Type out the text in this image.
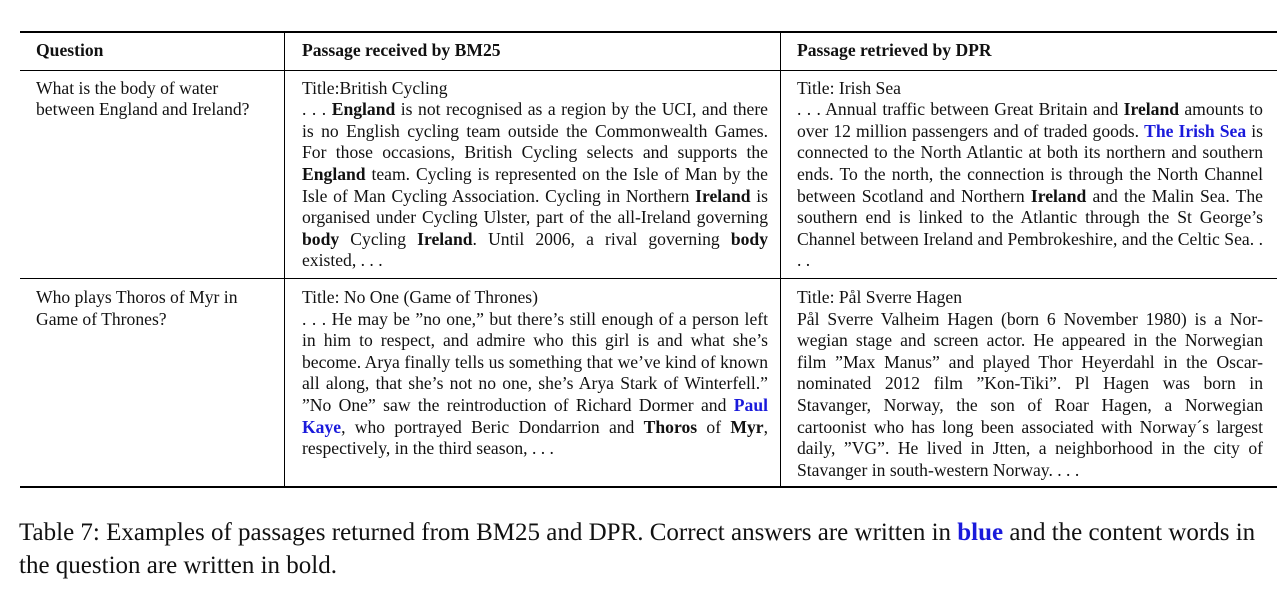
Question	Passage received by BM25	Passage retrieved by DPR
What is the body of water between England and Ireland?
Title:British Cycling
. . . England is not recognised as a region by the UCI, and there is no English cycling team outside the Commonwealth Games. For those occasions, British Cycling selects and supports the England team. Cycling is represented on the Isle of Man by the Isle of Man Cycling Association. Cycling in Northern Ireland is organised under Cycling Ulster, part of the all-Ireland governing body Cycling Ireland. Until 2006, a rival governing body existed, . . .
Title: Irish Sea
. . . Annual traffic between Great Britain and Ireland amounts to over 12 million passengers and of traded goods. The Irish Sea is connected to the North Atlantic at both its northern and southern ends. To the north, the connection is through the North Channel between Scotland and Northern Ireland and the Malin Sea. The southern end is linked to the Atlantic through the St George’s Channel between Ireland and Pembrokeshire, and the Celtic Sea. . . .
Who plays Thoros of Myr in Game of Thrones?
Title: No One (Game of Thrones)
. . . He may be ”no one,” but there’s still enough of a person left in him to respect, and admire who this girl is and what she’s become. Arya finally tells us something that we’ve kind of known all along, that she’s not no one, she’s Arya Stark of Winterfell.” ”No One” saw the reintroduction of Richard Dormer and Paul Kaye, who portrayed Beric Dondarrion and Thoros of Myr, respectively, in the third season, . . .
Title: Pål Sverre Hagen
Pål Sverre Valheim Hagen (born 6 November 1980) is a Norwegian stage and screen actor. He appeared in the Norwegian film ”Max Manus” and played Thor Heyerdahl in the Oscar-nominated 2012 film ”Kon-Tiki”. Pl Hagen was born in Stavanger, Norway, the son of Roar Hagen, a Norwegian cartoonist who has long been associated with Norway´s largest daily, ”VG”. He lived in Jtten, a neighborhood in the city of Stavanger in south-western Norway. . . .
Table 7: Examples of passages returned from BM25 and DPR. Correct answers are written in blue and the content words in the question are written in bold.
